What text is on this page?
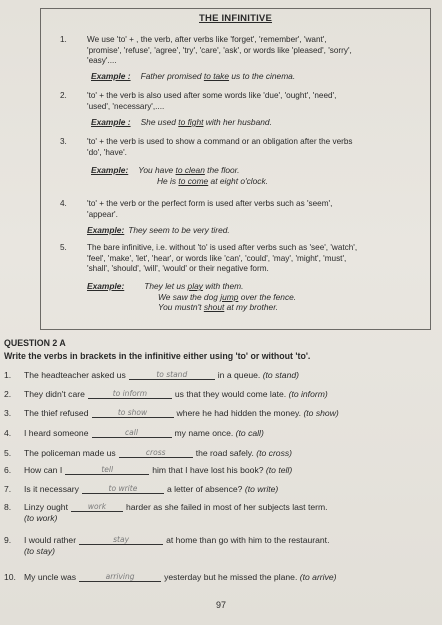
THE INFINITIVE
1.	We use 'to' + , the verb, after verbs like 'forget', 'remember', 'want',
'promise', 'refuse', 'agree', 'try', 'care', 'ask', or words like 'pleased', 'sorry',
'easy'....
Example : Father promised to take us to the cinema.
2.	'to' + the verb is also used after some words like 'due', 'ought', 'need',
'used', 'necessary',....
Example : She used to fight with her husband.
3.	'to' + the verb is used to show a command or an obligation after the verbs
'do', 'have'.
Example: You have to clean the floor.
He is to come at eight o'clock.
4.	'to' + the verb or the perfect form is used after verbs such as 'seem',
'appear'.
Example: They seem to be very tired.
5.	The bare infinitive, i.e. without 'to' is used after verbs such as 'see', 'watch',
'feel', 'make', 'let', 'hear', or words like 'can', 'could', 'may', 'might', 'must',
'shall', 'should', 'will', 'would' or their negative form.
Example: They let us play with them.
We saw the dog jump over the fence.
You mustn't shout at my brother.
QUESTION 2 A
Write the verbs in brackets in the infinitive either using 'to' or without 'to'.
1. The headteacher asked us	to stand	in a queue. (to stand)
2. They didn't care	to inform	us that they would come late. (to inform)
3. The thief refused	to show	where he had hidden the money. (to show)
4. I heard someone	call	my name once. (to call)
5. The policeman made us	cross	the road safely. (to cross)
6. How can I	tell	him that I have lost his book? (to tell)
7. Is it necessary	to write	a letter of absence? (to write)
8. Linzy ought	work harder as she failed in most of her subjects last term.
(to work)
9. I would rather	stay	at home than go with him to the restaurant.
(to stay)
10. My uncle was	arriving	yesterday but he missed the plane. (to arrive)
97
